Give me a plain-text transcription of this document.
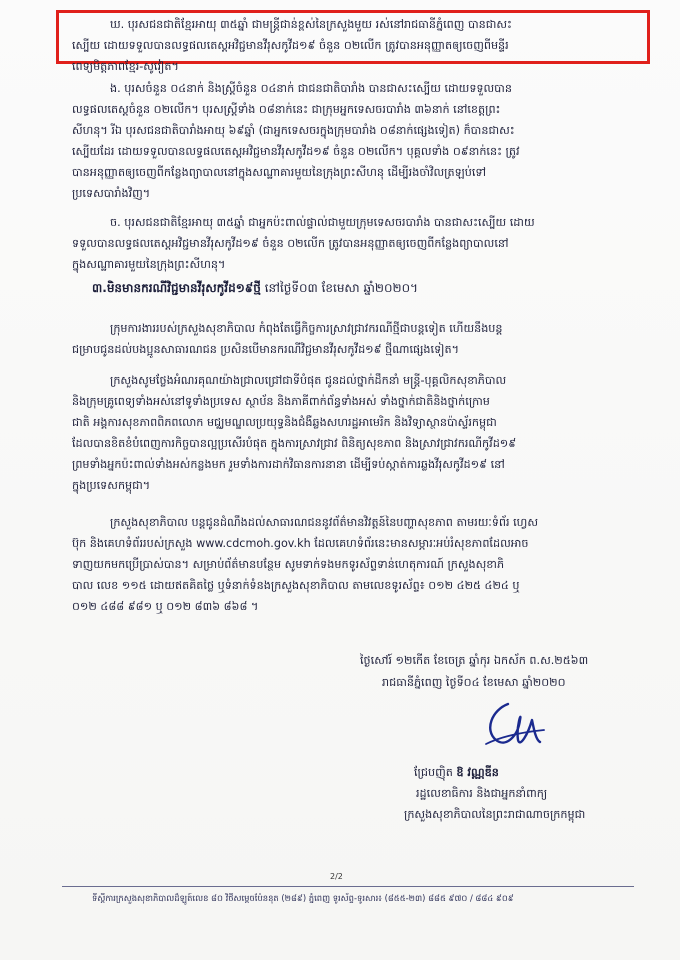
ឃ. បុរសជនជាតិខ្មែរអាយុ ៣៥ឆ្នាំ ជាមន្ត្រីជាន់ខ្ពស់នៃក្រសួងមួយ រស់នៅរាជធានីភ្នំពេញ បានជាសះ
ស្បើយ ដោយទទួលបានលទ្ធផលតេស្តអវិជ្ជមានវីរុសកូវីដ១៩ ចំនួន ០២លើក ត្រូវបានអនុញ្ញាតឲ្យចេញពីមន្ទីរ
ពេទ្យមិត្តភាពខ្មែរ-សូវៀត។
ង. បុរសចំនួន ០៤នាក់ និងស្ត្រីចំនួន ០៤នាក់ ជាជនជាតិបារាំង បានជាសះស្បើយ ដោយទទួលបាន
លទ្ធផលតេស្តចំនួន ០២លើក។ បុរសស្ត្រីទាំង ០៨នាក់នេះ ជាក្រុមអ្នកទេសចរបារាំង ៣៦នាក់ នៅខេត្តព្រះ
សីហនុ។ រីឯ បុរសជនជាតិបារាំងអាយុ ៦៩ឆ្នាំ (ជាអ្នកទេសចរក្នុងក្រុមបារាំង ០៨នាក់ផ្សេងទៀត) ក៏បានជាសះ
ស្បើយដែរ ដោយទទួលបានលទ្ធផលតេស្តអវិជ្ជមានវីរុសកូវីដ១៩ ចំនួន ០២លើក។ បុគ្គលទាំង ០៩នាក់នេះ ត្រូវ
បានអនុញ្ញាតឲ្យចេញពីកន្លែងព្យាបាលនៅក្នុងសណ្ឋាគារមួយនៃក្រុងព្រះសីហនុ ដើម្បីរងចាំវិលត្រឡប់ទៅ
ប្រទេសបារាំងវិញ។
ច. បុរសជនជាតិខ្មែរអាយុ ៣៥ឆ្នាំ ជាអ្នកប៉ះពាល់ផ្ទាល់ជាមួយក្រុមទេសចរបារាំង បានជាសះស្បើយ ដោយ
ទទួលបានលទ្ធផលតេស្តអវិជ្ជមានវីរុសកូវីដ១៩ ចំនួន ០២លើក ត្រូវបានអនុញ្ញាតឲ្យចេញពីកន្លែងព្យាបាលនៅ
ក្នុងសណ្ឋាគារមួយនៃក្រុងព្រះសីហនុ។
៣.មិនមានករណីវិជ្ជមានវីរុសកូវីដ១៩ថ្មី នៅថ្ងៃទី០៣ ខែមេសា ឆ្នាំ២០២០។
ក្រុមការងាររបស់ក្រសួងសុខាភិបាល កំពុងតែធ្វើកិច្ចការស្រាវជ្រាវករណីថ្មីជាបន្តទៀត ហើយនឹងបន្ត
ជម្រាបជូនដល់បងប្អូនសាធារណជន ប្រសិនបើមានករណីវិជ្ជមានវីរុសកូវីដ១៩ ថ្មីណាផ្សេងទៀត។
ក្រសួងសូមថ្លែងអំណរគុណយ៉ាងជ្រាលជ្រៅជាទីបំផុត ជូនដល់ថ្នាក់ដឹកនាំ មន្ត្រី-បុគ្គលិកសុខាភិបាល
និងក្រុមគ្រូពេទ្យទាំងអស់នៅទូទាំងប្រទេស ស្ថាប័ន និងភាគីពាក់ព័ន្ធទាំងអស់ ទាំងថ្នាក់ជាតិនិងថ្នាក់ក្រោម
ជាតិ អង្គការសុខភាពពិភពលោក មជ្ឈមណ្ឌលប្រយុទ្ធនិងជំងឺឆ្លងសហរដ្ឋអាមេរិក និងវិទ្យាស្ថានប៉ាស្ទ័រកម្ពុជា
ដែលបានខិតខំបំពេញការកិច្ចបានល្អប្រសើរបំផុត ក្នុងការស្រាវជ្រាវ ពិនិត្យសុខភាព និងស្រាវជ្រាវករណីកូវីដ១៩
ព្រមទាំងអ្នកប៉ះពាល់ទាំងអស់កន្លងមក រួមទាំងការដាក់វិធានការនានា ដើម្បីទប់ស្កាត់ការឆ្លងវីរុសកូវីដ១៩ នៅ
ក្នុងប្រទេសកម្ពុជា។
ក្រសួងសុខាភិបាល បន្តជូនដំណឹងដល់សាធារណជននូវព័ត៌មានវិវត្តន៍នៃបញ្ហាសុខភាព តាមរយៈទំព័រ ហ្វេស
ប៊ុក និងគេហទំព័ររបស់ក្រសួង www.cdcmoh.gov.kh ដែលគេហទំព័រនេះមានសម្ភារៈអប់រំសុខភាពដែលអាច
ទាញយកមកប្រើប្រាស់បាន។ សម្រាប់ព័ត៌មានបន្ថែម សូមទាក់ទងមកទូរស័ព្ទទាន់ហេតុការណ៍ ក្រសួងសុខាភិ
បាល លេខ ១១៥ ដោយឥតគិតថ្លៃ ឬទំនាក់ទំនងក្រសួងសុខាភិបាល តាមលេខទូរស័ព្ទ៖ ០១២ ៤២៥ ៤២៤ ឬ
០១២ ៤៨៨ ៩៨១ ឬ ០១២ ៨៣៦ ៨៦៨ ។
ថ្ងៃសៅរ៍ ១២កើត ខែចេត្រ ឆ្នាំកុរ ឯកស័ក ព.ស.២៥៦៣
រាជធានីភ្នំពេញ ថ្ងៃទី០៤ ខែមេសា ឆ្នាំ២០២០
ជ្រែបញ៉ិត ឱ វណ្ណឌីន
រដ្ឋលេខាធិការ និងជាអ្នកនាំពាក្យ
ក្រសួងសុខាភិបាលនៃព្រះរាជាណាចក្រកម្ពុជា
2/2
ទីស្តីការក្រសួងសុខាភិបាលដ៏ឡូត៍លេខ ៨០ វិថីសម្តេចប៉ែននុត (២៨៩) ភ្នំពេញ ទូរស័ព្ទ-ទូរសារ៖ (៨៥៥-២៣) ៨៨៥ ៩៧០ / ៨៨៤ ៩០៩
